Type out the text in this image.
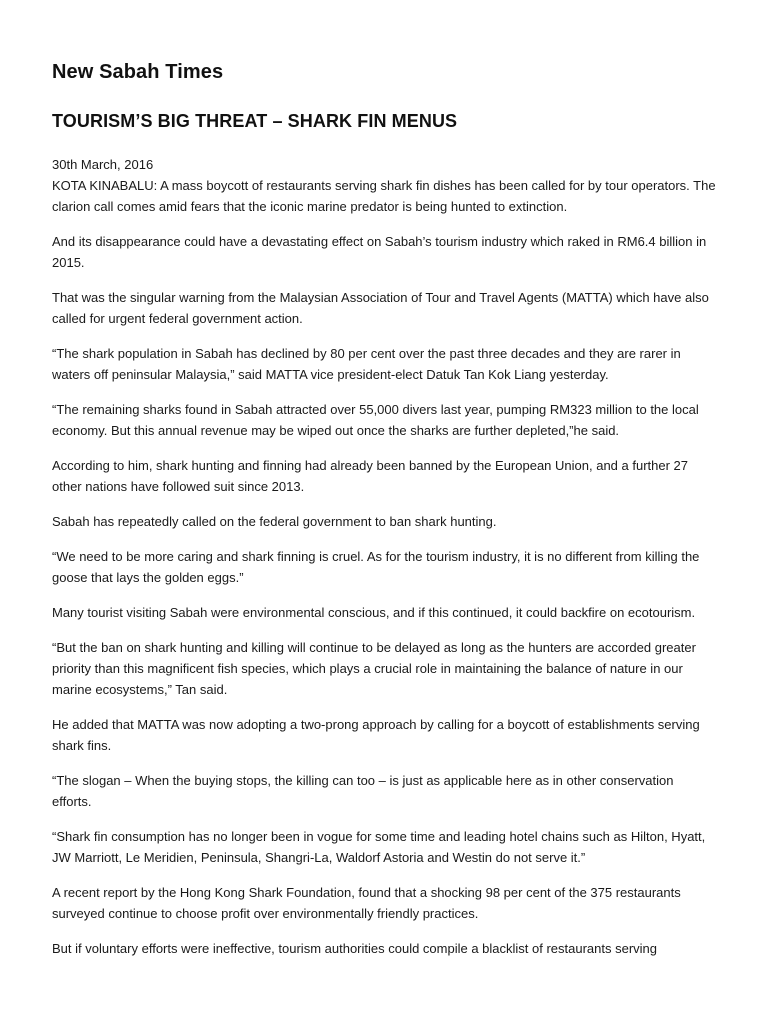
New Sabah Times
TOURISM’S BIG THREAT – SHARK FIN MENUS

30th March, 2016
KOTA KINABALU: A mass boycott of restaurants serving shark fin dishes has been called for by tour operators. The clarion call comes amid fears that the iconic marine predator is being hunted to extinction.

And its disappearance could have a devastating effect on Sabah’s tourism industry which raked in RM6.4 billion in 2015.

That was the singular warning from the Malaysian Association of Tour and Travel Agents (MATTA) which have also called for urgent federal government action.

“The shark population in Sabah has declined by 80 per cent over the past three decades and they are rarer in waters off peninsular Malaysia,” said MATTA vice president-elect Datuk Tan Kok Liang yesterday.

“The remaining sharks found in Sabah attracted over 55,000 divers last year, pumping RM323 million to the local economy. But this annual revenue may be wiped out once the sharks are further depleted,”he said.

According to him, shark hunting and finning had already been banned by the European Union, and a further 27 other nations have followed suit since 2013.

Sabah has repeatedly called on the federal government to ban shark hunting.

“We need to be more caring and shark finning is cruel. As for the tourism industry, it is no different from killing the goose that lays the golden eggs.”

Many tourist visiting Sabah were environmental conscious, and if this continued, it could backfire on ecotourism.

“But the ban on shark hunting and killing will continue to be delayed as long as the hunters are accorded greater priority than this magnificent fish species, which plays a crucial role in maintaining the balance of nature in our marine ecosystems,” Tan said.

He added that MATTA was now adopting a two-prong approach by calling for a boycott of establishments serving shark fins.

“The slogan – When the buying stops, the killing can too – is just as applicable here as in other conservation efforts.

“Shark fin consumption has no longer been in vogue for some time and leading hotel chains such as Hilton, Hyatt, JW Marriott, Le Meridien, Peninsula, Shangri-La, Waldorf Astoria and Westin do not serve it.”

A recent report by the Hong Kong Shark Foundation, found that a shocking 98 per cent of the 375 restaurants surveyed continue to choose profit over environmentally friendly practices.

But if voluntary efforts were ineffective, tourism authorities could compile a blacklist of restaurants serving
